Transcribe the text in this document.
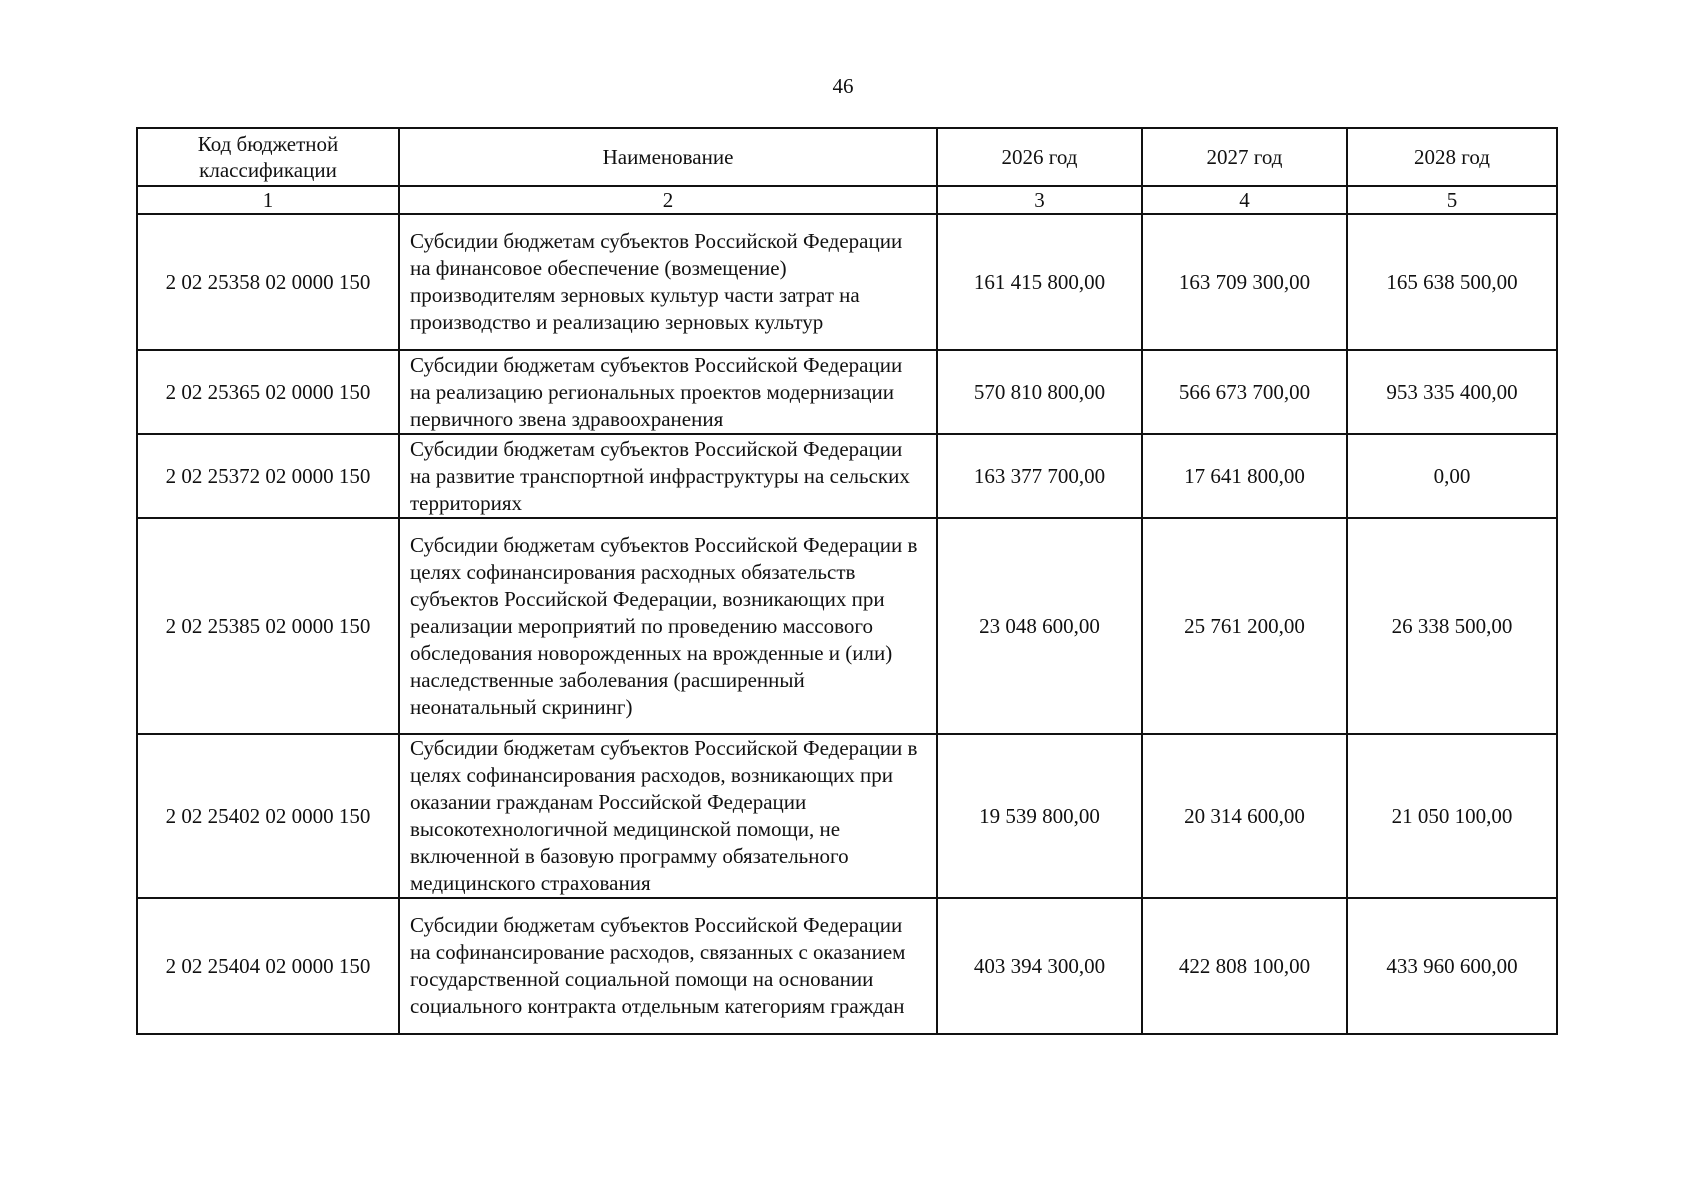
46
Код бюджетной классификации	Наименование	2026 год	2027 год	2028 год
1	2	3	4	5
2 02 25358 02 0000 150	Субсидии бюджетам субъектов Российской Федерации на финансовое обеспечение (возмещение) производителям зерновых культур части затрат на производство и реализацию зерновых культур	161 415 800,00	163 709 300,00	165 638 500,00
2 02 25365 02 0000 150	Субсидии бюджетам субъектов Российской Федерации на реализацию региональных проектов модернизации первичного звена здравоохранения	570 810 800,00	566 673 700,00	953 335 400,00
2 02 25372 02 0000 150	Субсидии бюджетам субъектов Российской Федерации на развитие транспортной инфраструктуры на сельских территориях	163 377 700,00	17 641 800,00	0,00
2 02 25385 02 0000 150	Субсидии бюджетам субъектов Российской Федерации в целях софинансирования расходных обязательств субъектов Российской Федерации, возникающих при реализации мероприятий по проведению массового обследования новорожденных на врожденные и (или) наследственные заболевания (расширенный неонатальный скрининг)	23 048 600,00	25 761 200,00	26 338 500,00
2 02 25402 02 0000 150	Субсидии бюджетам субъектов Российской Федерации в целях софинансирования расходов, возникающих при оказании гражданам Российской Федерации высокотехнологичной медицинской помощи, не включенной в базовую программу обязательного медицинского страхования	19 539 800,00	20 314 600,00	21 050 100,00
2 02 25404 02 0000 150	Субсидии бюджетам субъектов Российской Федерации на софинансирование расходов, связанных с оказанием государственной социальной помощи на основании социального контракта отдельным категориям граждан	403 394 300,00	422 808 100,00	433 960 600,00
